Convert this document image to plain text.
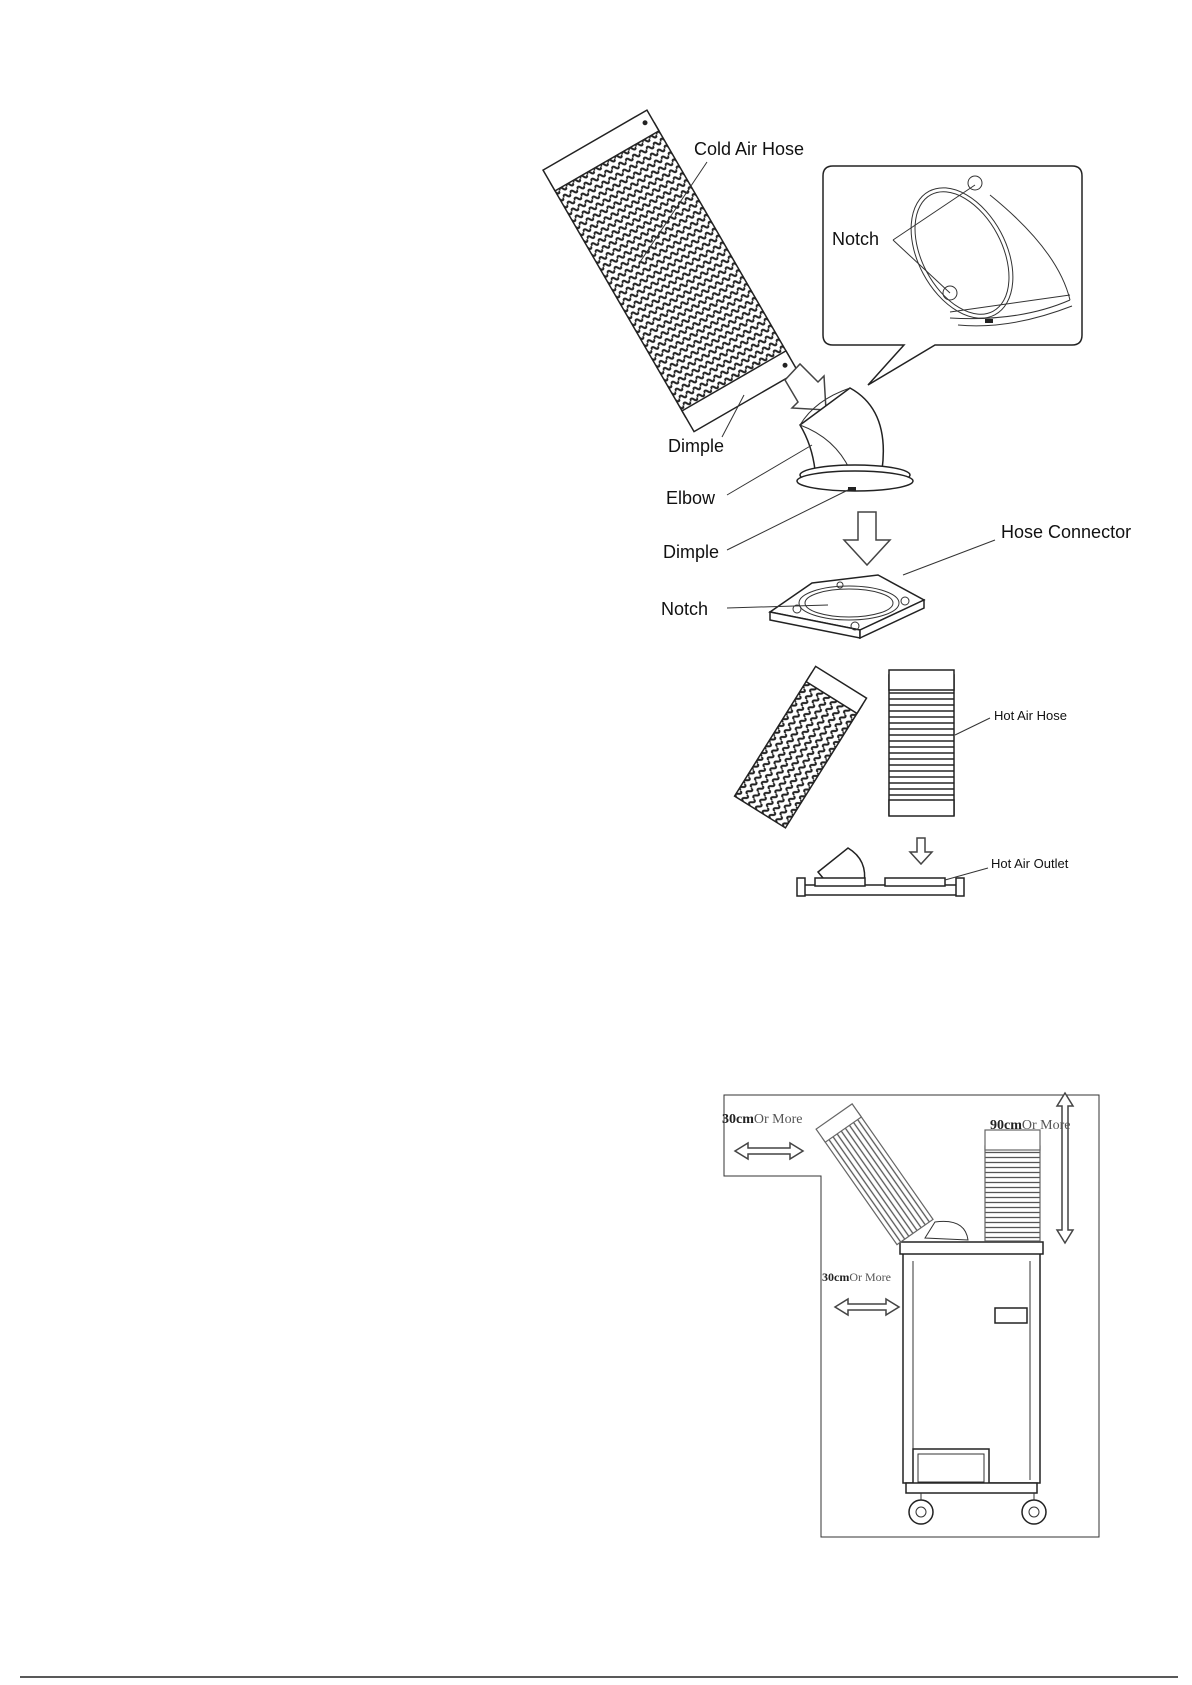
Cold Air Hose
Notch
Dimple
Elbow
Dimple
Hose Connector
Notch
Hot Air Hose
Hot Air Outlet
30cmOr More	90cmOr More
30cmOr More
